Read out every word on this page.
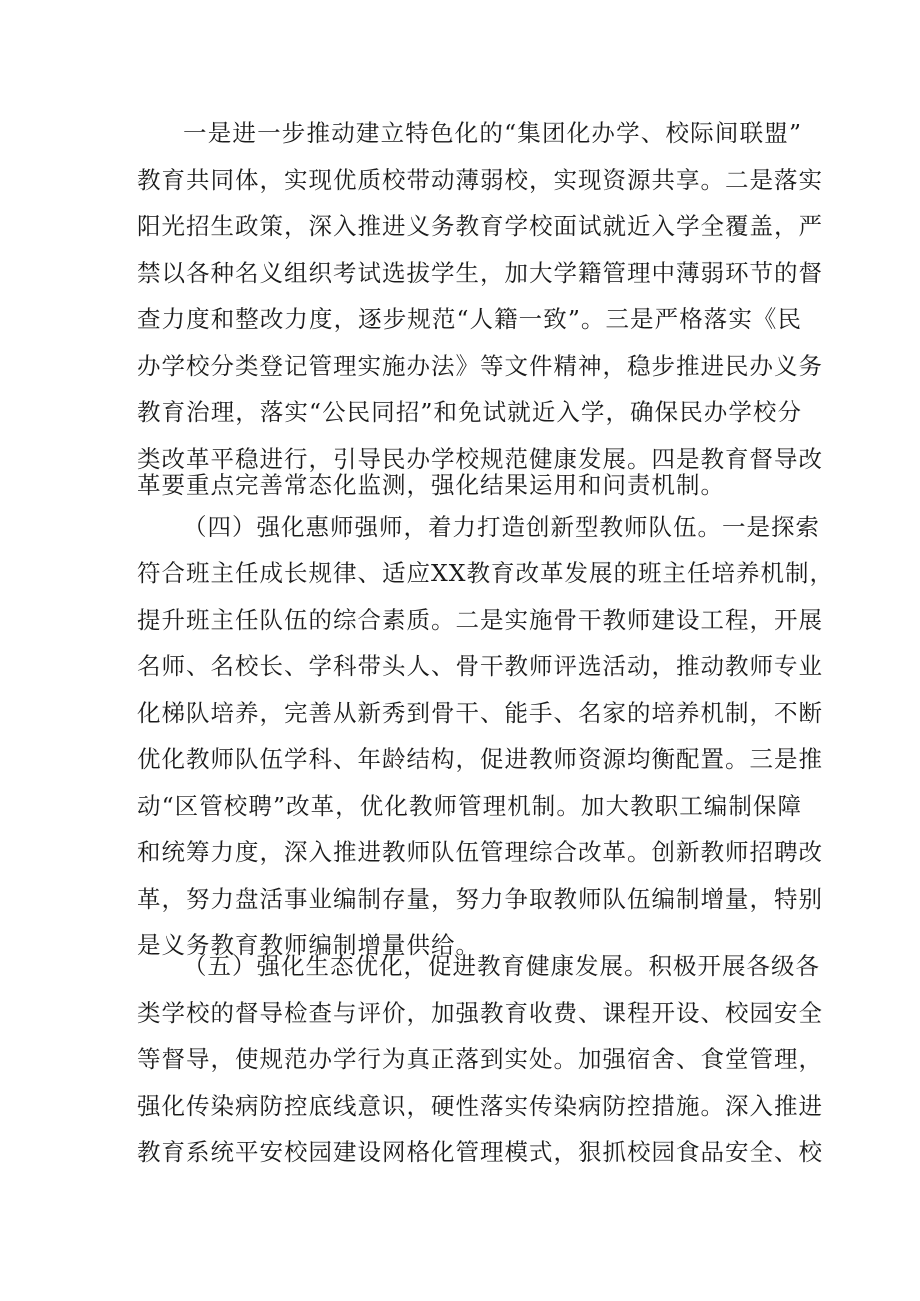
一是进一步推动建立特色化的“集团化办学、校际间联盟”
教育共同体，实现优质校带动薄弱校，实现资源共享。二是落实
阳光招生政策，深入推进义务教育学校面试就近入学全覆盖，严
禁以各种名义组织考试选拔学生，加大学籍管理中薄弱环节的督
查力度和整改力度，逐步规范“人籍一致”。三是严格落实《民
办学校分类登记管理实施办法》等文件精神，稳步推进民办义务
教育治理，落实“公民同招”和免试就近入学，确保民办学校分
类改革平稳进行，引导民办学校规范健康发展。四是教育督导改
革要重点完善常态化监测，强化结果运用和问责机制。
（四）强化惠师强师，着力打造创新型教师队伍。一是探索
符合班主任成长规律、适应XX教育改革发展的班主任培养机制，
提升班主任队伍的综合素质。二是实施骨干教师建设工程，开展
名师、名校长、学科带头人、骨干教师评选活动，推动教师专业
化梯队培养，完善从新秀到骨干、能手、名家的培养机制，不断
优化教师队伍学科、年龄结构，促进教师资源均衡配置。三是推
动“区管校聘”改革，优化教师管理机制。加大教职工编制保障
和统筹力度，深入推进教师队伍管理综合改革。创新教师招聘改
革，努力盘活事业编制存量，努力争取教师队伍编制增量，特别
是义务教育教师编制增量供给。
（五）强化生态优化，促进教育健康发展。积极开展各级各
类学校的督导检查与评价，加强教育收费、课程开设、校园安全
等督导，使规范办学行为真正落到实处。加强宿舍、食堂管理，
强化传染病防控底线意识，硬性落实传染病防控措施。深入推进
教育系统平安校园建设网格化管理模式，狠抓校园食品安全、校
